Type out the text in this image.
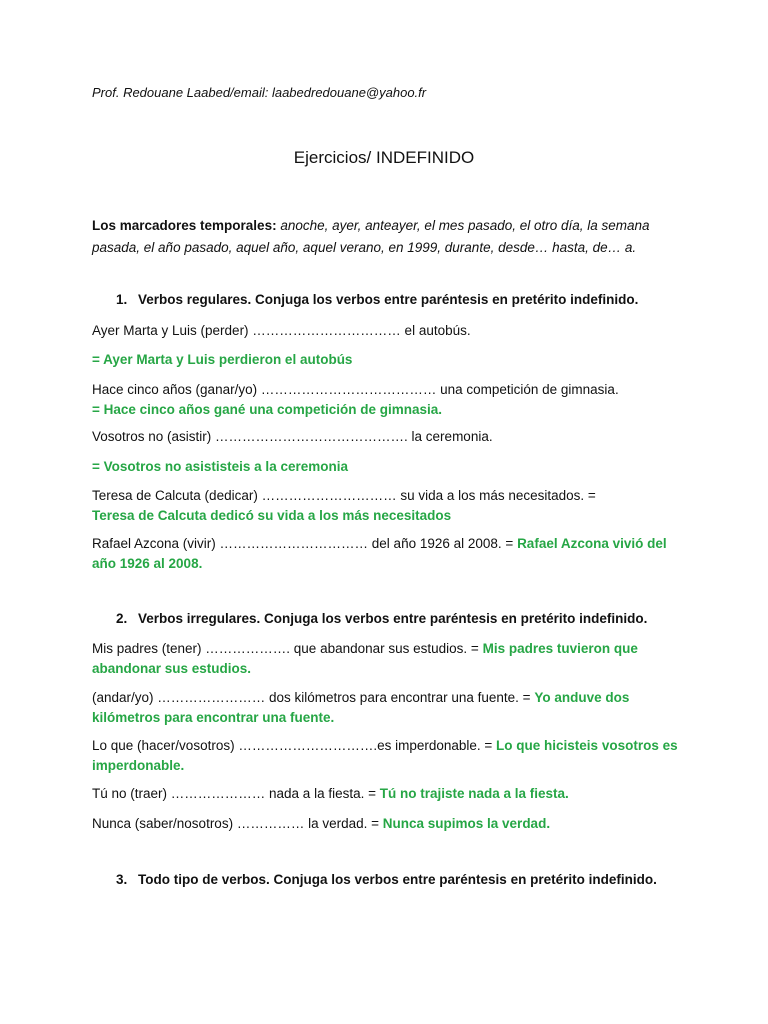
Prof. Redouane Laabed/email: laabedredouane@yahoo.fr

Ejercicios/ INDEFINIDO

Los marcadores temporales: anoche, ayer, anteayer, el mes pasado, el otro día, la semana pasada, el año pasado, aquel año, aquel verano, en 1999, durante, desde… hasta, de… a.

1. Verbos regulares. Conjuga los verbos entre paréntesis en pretérito indefinido.

Ayer Marta y Luis (perder) …………………………… el autobús.

= Ayer Marta y Luis perdieron el autobús

Hace cinco años (ganar/yo) ………………………………… una competición de gimnasia.
= Hace cinco años gané una competición de gimnasia.

Vosotros no (asistir) ……………………………………. la ceremonia.

= Vosotros no asististeis a la ceremonia

Teresa de Calcuta (dedicar) ………………………… su vida a los más necesitados. =
Teresa de Calcuta dedicó su vida a los más necesitados

Rafael Azcona (vivir) …………………………… del año 1926 al 2008. = Rafael Azcona vivió del año 1926 al 2008.

2. Verbos irregulares. Conjuga los verbos entre paréntesis en pretérito indefinido.

Mis padres (tener) ………………. que abandonar sus estudios. = Mis padres tuvieron que abandonar sus estudios.

(andar/yo) …………………… dos kilómetros para encontrar una fuente. = Yo anduve dos kilómetros para encontrar una fuente.

Lo que (hacer/vosotros) ………………………….es imperdonable. = Lo que hicisteis vosotros es imperdonable.

Tú no (traer) ………………… nada a la fiesta. = Tú no trajiste nada a la fiesta.

Nunca (saber/nosotros) …………… la verdad. = Nunca supimos la verdad.

3. Todo tipo de verbos. Conjuga los verbos entre paréntesis en pretérito indefinido.
